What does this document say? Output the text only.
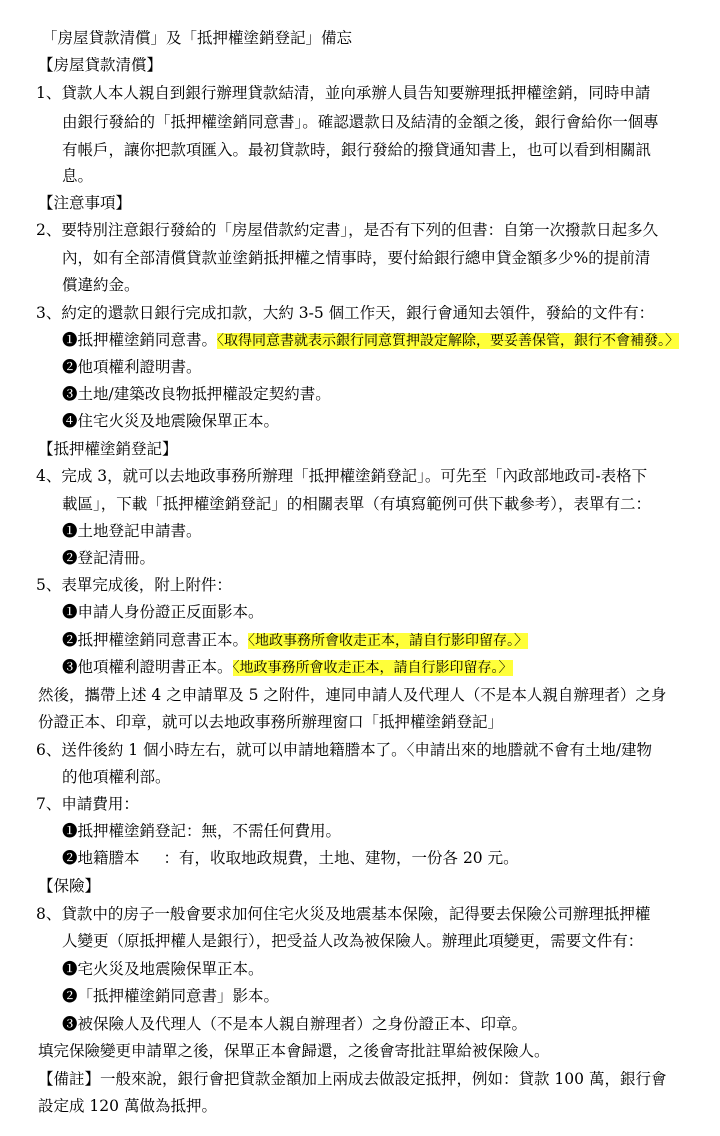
「房屋貸款清償」及「抵押權塗銷登記」備忘
【房屋貸款清償】
1、貸款人本人親自到銀行辦理貸款結清，並向承辦人員告知要辦理抵押權塗銷，同時申請
由銀行發給的「抵押權塗銷同意書」。確認還款日及結清的金額之後，銀行會給你一個專
有帳戶，讓你把款項匯入。最初貸款時，銀行發給的撥貸通知書上，也可以看到相關訊
息。
【注意事項】
2、要特別注意銀行發給的「房屋借款約定書」，是否有下列的但書：自第一次撥款日起多久
內，如有全部清償貸款並塗銷抵押權之情事時，要付給銀行總申貸金額多少%的提前清
償違約金。
3、約定的還款日銀行完成扣款，大約 3-5 個工作天，銀行會通知去領件，發給的文件有：
❶抵押權塗銷同意書。〈取得同意書就表示銀行同意質押設定解除，要妥善保管，銀行不會補發。〉
❷他項權利證明書。
❸土地/建築改良物抵押權設定契約書。
❹住宅火災及地震險保單正本。
【抵押權塗銷登記】
4、完成 3，就可以去地政事務所辦理「抵押權塗銷登記」。可先至「內政部地政司-表格下
載區」，下載「抵押權塗銷登記」的相關表單（有填寫範例可供下載參考），表單有二：
❶土地登記申請書。
❷登記清冊。
5、表單完成後，附上附件：
❶申請人身份證正反面影本。
❷抵押權塗銷同意書正本。〈地政事務所會收走正本，請自行影印留存。〉
❸他項權利證明書正本。〈地政事務所會收走正本，請自行影印留存。〉
然後，攜帶上述 4 之申請單及 5 之附件，連同申請人及代理人（不是本人親自辦理者）之身
份證正本、印章，就可以去地政事務所辦理窗口「抵押權塗銷登記」
6、送件後約 1 個小時左右，就可以申請地籍謄本了。〈申請出來的地謄就不會有土地/建物
的他項權利部。
7、申請費用：
❶抵押權塗銷登記：無，不需任何費用。
❷地籍謄本 ：有，收取地政規費，土地、建物，一份各 20 元。
【保險】
8、貸款中的房子一般會要求加何住宅火災及地震基本保險，記得要去保險公司辦理抵押權
人變更（原抵押權人是銀行），把受益人改為被保險人。辦理此項變更，需要文件有：
❶宅火災及地震險保單正本。
❷「抵押權塗銷同意書」影本。
❸被保險人及代理人（不是本人親自辦理者）之身份證正本、印章。
填完保險變更申請單之後，保單正本會歸還，之後會寄批註單給被保險人。
【備註】一般來說，銀行會把貸款金額加上兩成去做設定抵押，例如：貸款 100 萬，銀行會
設定成 120 萬做為抵押。
